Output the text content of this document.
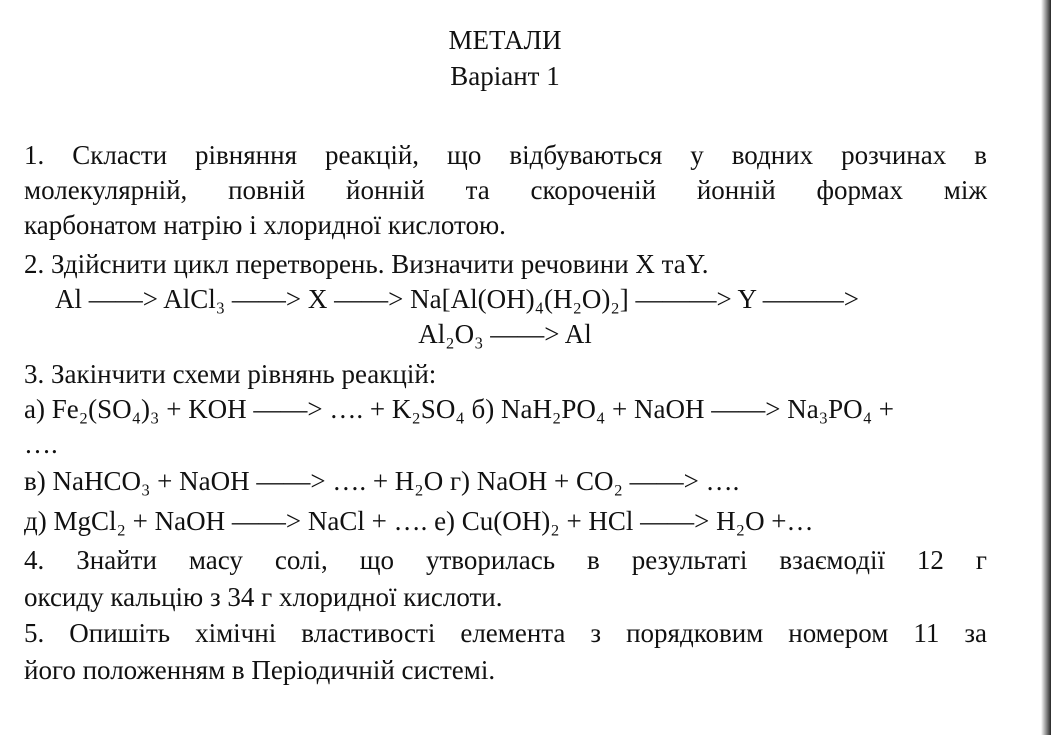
МЕТАЛИ
Варіант 1
1. Скласти рівняння реакцій, що відбуваються у водних розчинах в
молекулярній, повній йонній та скороченій йонній формах між
карбонатом натрію і хлоридної кислотою.
2. Здійснити цикл перетворень. Визначити речовини X таY.
Al ——> AlCl₃ ——> X ——> Na[Al(OH)₄(H₂O)₂] ———> Y ———>
Al₂O₃ ——> Al
3. Закінчити схеми рівнянь реакцій:
а) Fe₂(SO₄)₃ + KOH ——> …. + K₂SO₄ б) NaH₂PO₄ + NaOH ——> Na₃PO₄ +
….
в) NaHCO₃ + NaOH ——> …. + H₂O г) NaOH + CO₂ ——> ….
д) MgCl₂ + NaOH ——> NaCl + …. е) Cu(OH)₂ + HCl ——> H₂O +…
4. Знайти масу солі, що утворилась в результаті взаємодії 12 г
оксиду кальцію з 34 г хлоридної кислоти.
5. Опишіть хімічні властивості елемента з порядковим номером 11 за
його положенням в Періодичній системі.
